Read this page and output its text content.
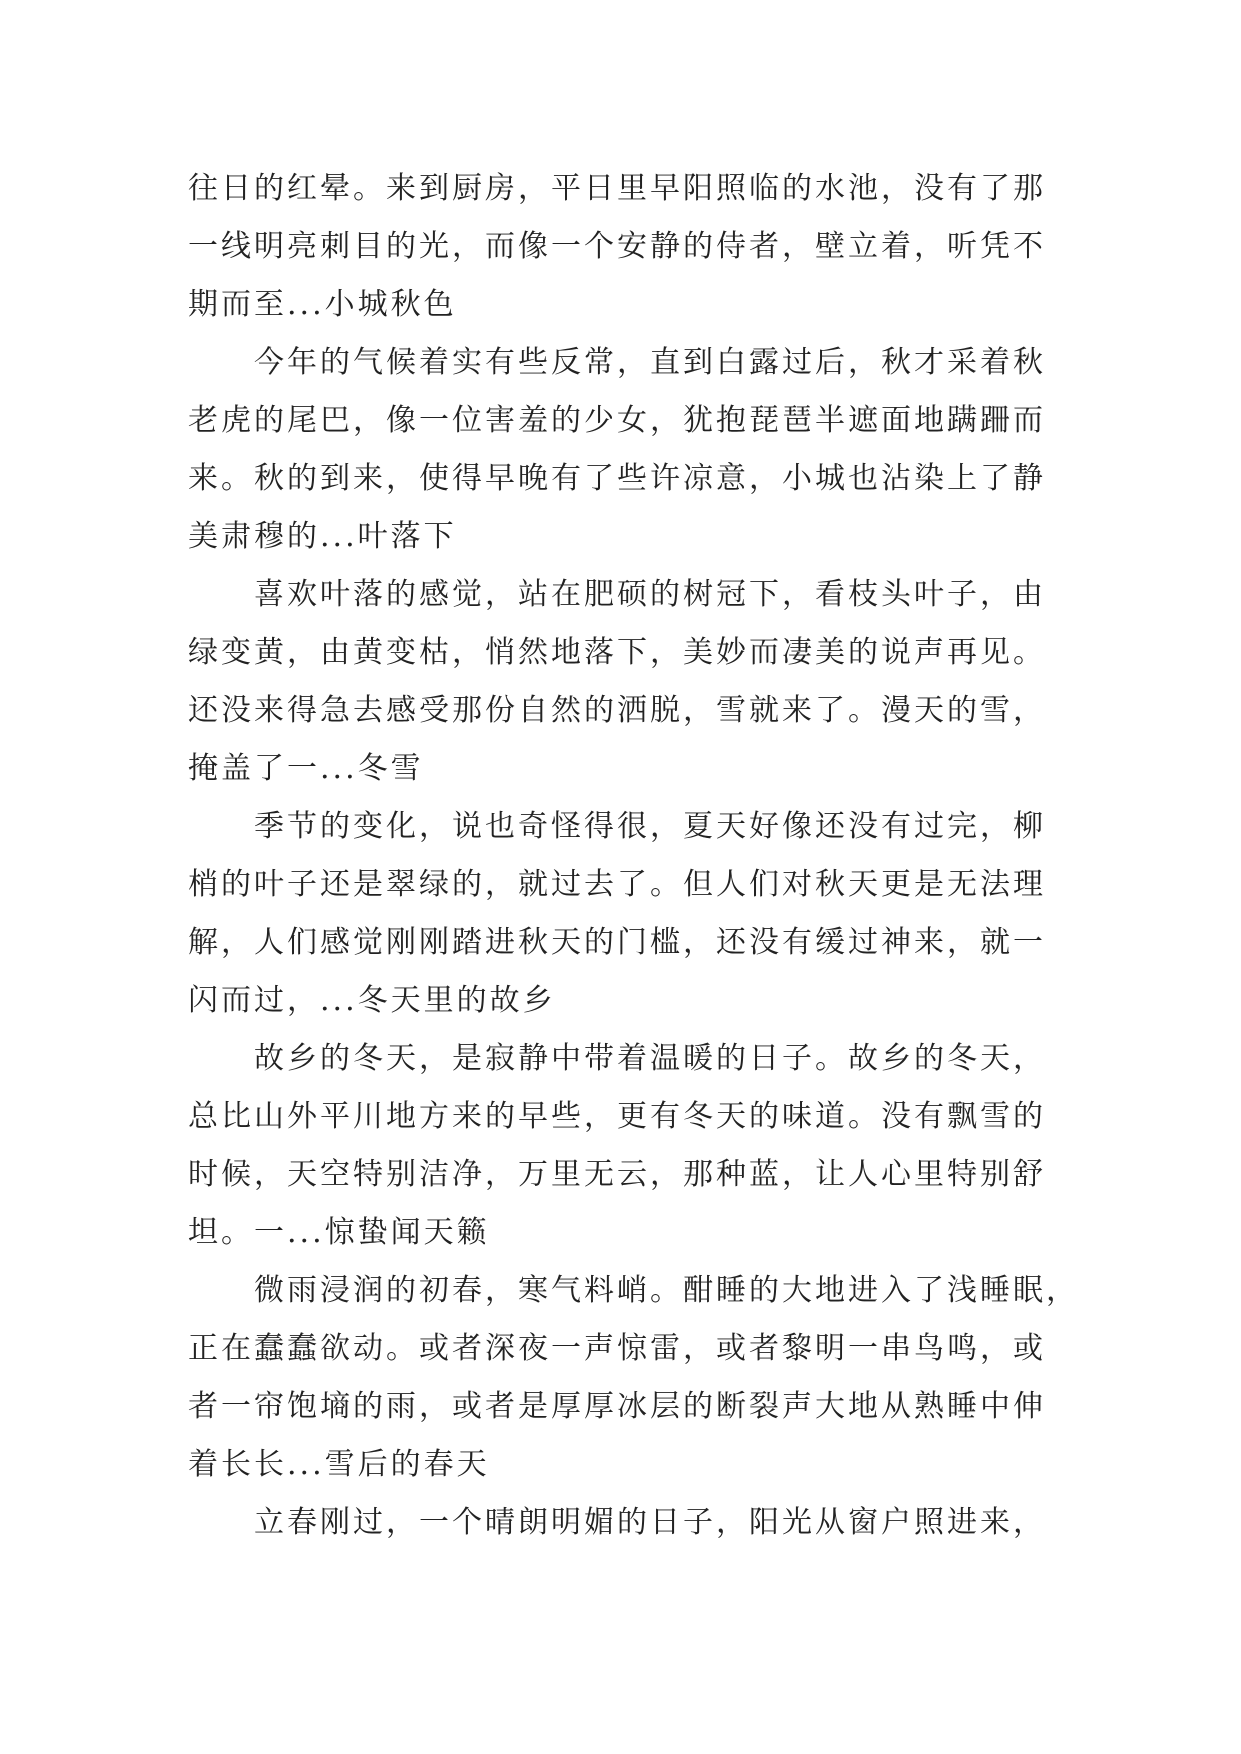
往日的红晕。来到厨房，平日里早阳照临的水池，没有了那
一线明亮刺目的光，而像一个安静的侍者，壁立着，听凭不
期而至...小城秋色
今年的气候着实有些反常，直到白露过后，秋才采着秋
老虎的尾巴，像一位害羞的少女，犹抱琵琶半遮面地蹒跚而
来。秋的到来，使得早晚有了些许凉意，小城也沾染上了静
美肃穆的...叶落下
喜欢叶落的感觉，站在肥硕的树冠下，看枝头叶子，由
绿变黄，由黄变枯，悄然地落下，美妙而凄美的说声再见。
还没来得急去感受那份自然的洒脱，雪就来了。漫天的雪，
掩盖了一...冬雪
季节的变化，说也奇怪得很，夏天好像还没有过完，柳
梢的叶子还是翠绿的，就过去了。但人们对秋天更是无法理
解，人们感觉刚刚踏进秋天的门槛，还没有缓过神来，就一
闪而过，...冬天里的故乡
故乡的冬天，是寂静中带着温暖的日子。故乡的冬天，
总比山外平川地方来的早些，更有冬天的味道。没有飘雪的
时候，天空特别洁净，万里无云，那种蓝，让人心里特别舒
坦。一...惊蛰闻天籁
微雨浸润的初春，寒气料峭。酣睡的大地进入了浅睡眠，
正在蠢蠢欲动。或者深夜一声惊雷，或者黎明一串鸟鸣，或
者一帘饱墒的雨，或者是厚厚冰层的断裂声大地从熟睡中伸
着长长...雪后的春天
立春刚过，一个晴朗明媚的日子，阳光从窗户照进来，
